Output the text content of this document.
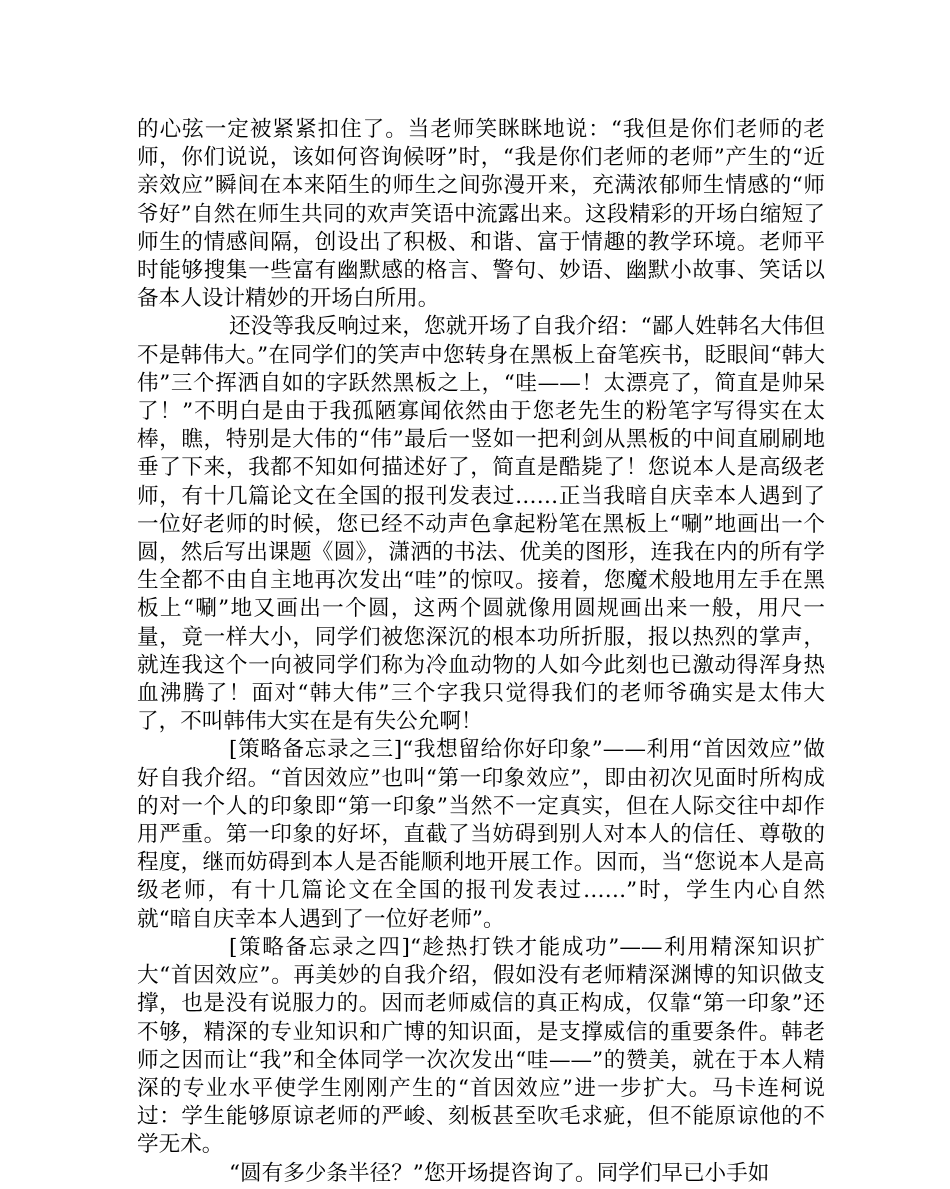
的心弦一定被紧紧扣住了。当老师笑眯眯地说：“我但是你们老师的老师，你们说说，该如何咨询候呀”时，“我是你们老师的老师”产生的“近亲效应”瞬间在本来陌生的师生之间弥漫开来，充满浓郁师生情感的“师爷好”自然在师生共同的欢声笑语中流露出来。这段精彩的开场白缩短了师生的情感间隔，创设出了积极、和谐、富于情趣的教学环境。老师平时能够搜集一些富有幽默感的格言、警句、妙语、幽默小故事、笑话以备本人设计精妙的开场白所用。

还没等我反响过来，您就开场了自我介绍：“鄙人姓韩名大伟但不是韩伟大。”在同学们的笑声中您转身在黑板上奋笔疾书，眨眼间“韩大伟”三个挥洒自如的字跃然黑板之上，“哇——！太漂亮了，简直是帅呆了！”不明白是由于我孤陋寡闻依然由于您老先生的粉笔字写得实在太棒，瞧，特别是大伟的“伟”最后一竖如一把利剑从黑板的中间直刷刷地垂了下来，我都不知如何描述好了，简直是酷毙了！您说本人是高级老师，有十几篇论文在全国的报刊发表过……正当我暗自庆幸本人遇到了一位好老师的时候，您已经不动声色拿起粉笔在黑板上“唰”地画出一个圆，然后写出课题《圆》，潇洒的书法、优美的图形，连我在内的所有学生全都不由自主地再次发出“哇”的惊叹。接着，您魔术般地用左手在黑板上“唰”地又画出一个圆，这两个圆就像用圆规画出来一般，用尺一量，竟一样大小，同学们被您深沉的根本功所折服，报以热烈的掌声，就连我这个一向被同学们称为冷血动物的人如今此刻也已激动得浑身热血沸腾了！面对“韩大伟”三个字我只觉得我们的老师爷确实是太伟大了，不叫韩伟大实在是有失公允啊！

[策略备忘录之三]“我想留给你好印象”——利用“首因效应”做好自我介绍。“首因效应”也叫“第一印象效应”，即由初次见面时所构成的对一个人的印象即“第一印象”当然不一定真实，但在人际交往中却作用严重。第一印象的好坏，直截了当妨碍到别人对本人的信任、尊敬的程度，继而妨碍到本人是否能顺利地开展工作。因而，当“您说本人是高级老师，有十几篇论文在全国的报刊发表过……”时，学生内心自然就“暗自庆幸本人遇到了一位好老师”。

[策略备忘录之四]“趁热打铁才能成功”——利用精深知识扩大“首因效应”。再美妙的自我介绍，假如没有老师精深渊博的知识做支撑，也是没有说服力的。因而老师威信的真正构成，仅靠“第一印象”还不够，精深的专业知识和广博的知识面，是支撑威信的重要条件。韩老师之因而让“我”和全体同学一次次发出“哇——”的赞美，就在于本人精深的专业水平使学生刚刚产生的“首因效应”进一步扩大。马卡连柯说过：学生能够原谅老师的严峻、刻板甚至吹毛求疵，但不能原谅他的不学无术。

“圆有多少条半径？”您开场提咨询了。同学们早已小手如
